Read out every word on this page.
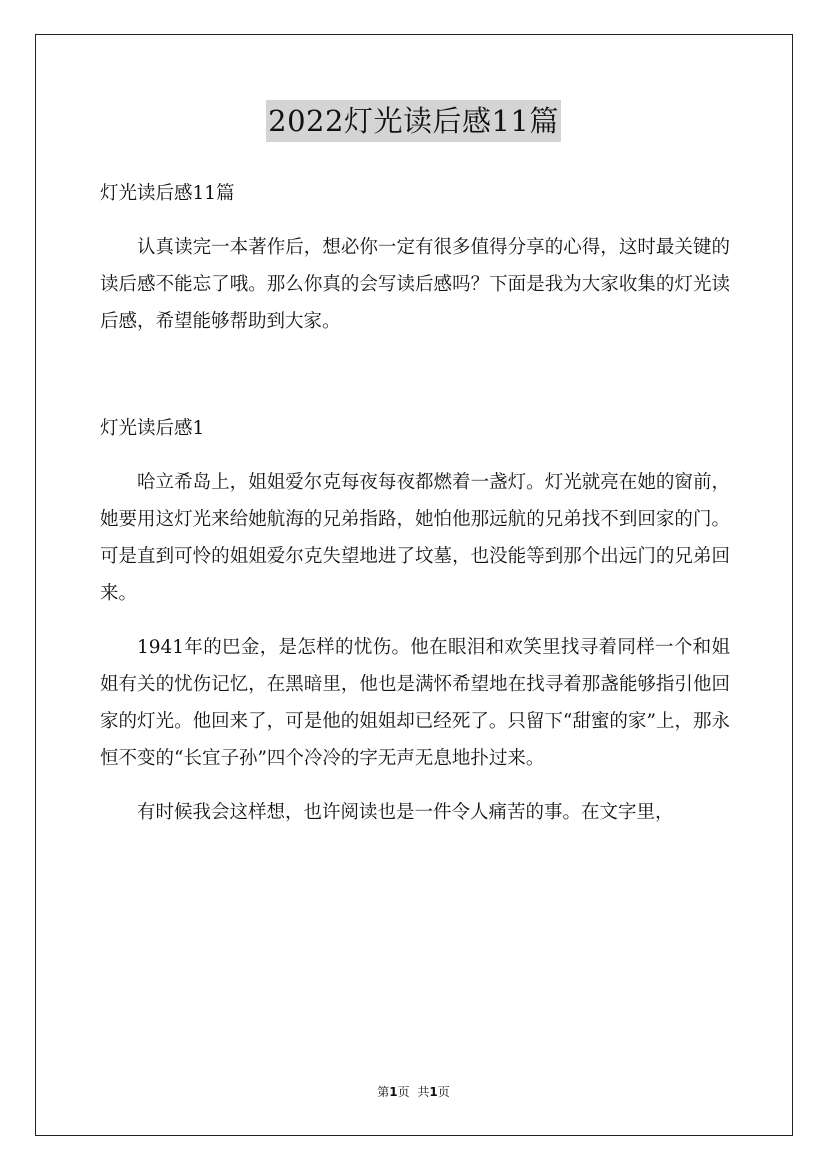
2022灯光读后感11篇

灯光读后感11篇

认真读完一本著作后，想必你一定有很多值得分享的心得，这时最关键的读后感不能忘了哦。那么你真的会写读后感吗？下面是我为大家收集的灯光读后感，希望能够帮助到大家。

灯光读后感1

哈立希岛上，姐姐爱尔克每夜每夜都燃着一盏灯。灯光就亮在她的窗前，她要用这灯光来给她航海的兄弟指路，她怕他那远航的兄弟找不到回家的门。可是直到可怜的姐姐爱尔克失望地进了坟墓，也没能等到那个出远门的兄弟回来。

1941年的巴金，是怎样的忧伤。他在眼泪和欢笑里找寻着同样一个和姐姐有关的忧伤记忆，在黑暗里，他也是满怀希望地在找寻着那盏能够指引他回家的灯光。他回来了，可是他的姐姐却已经死了。只留下“甜蜜的家”上，那永恒不变的“长宜子孙”四个冷冷的字无声无息地扑过来。

有时候我会这样想，也许阅读也是一件令人痛苦的事。在文字里，

第1页 共1页
